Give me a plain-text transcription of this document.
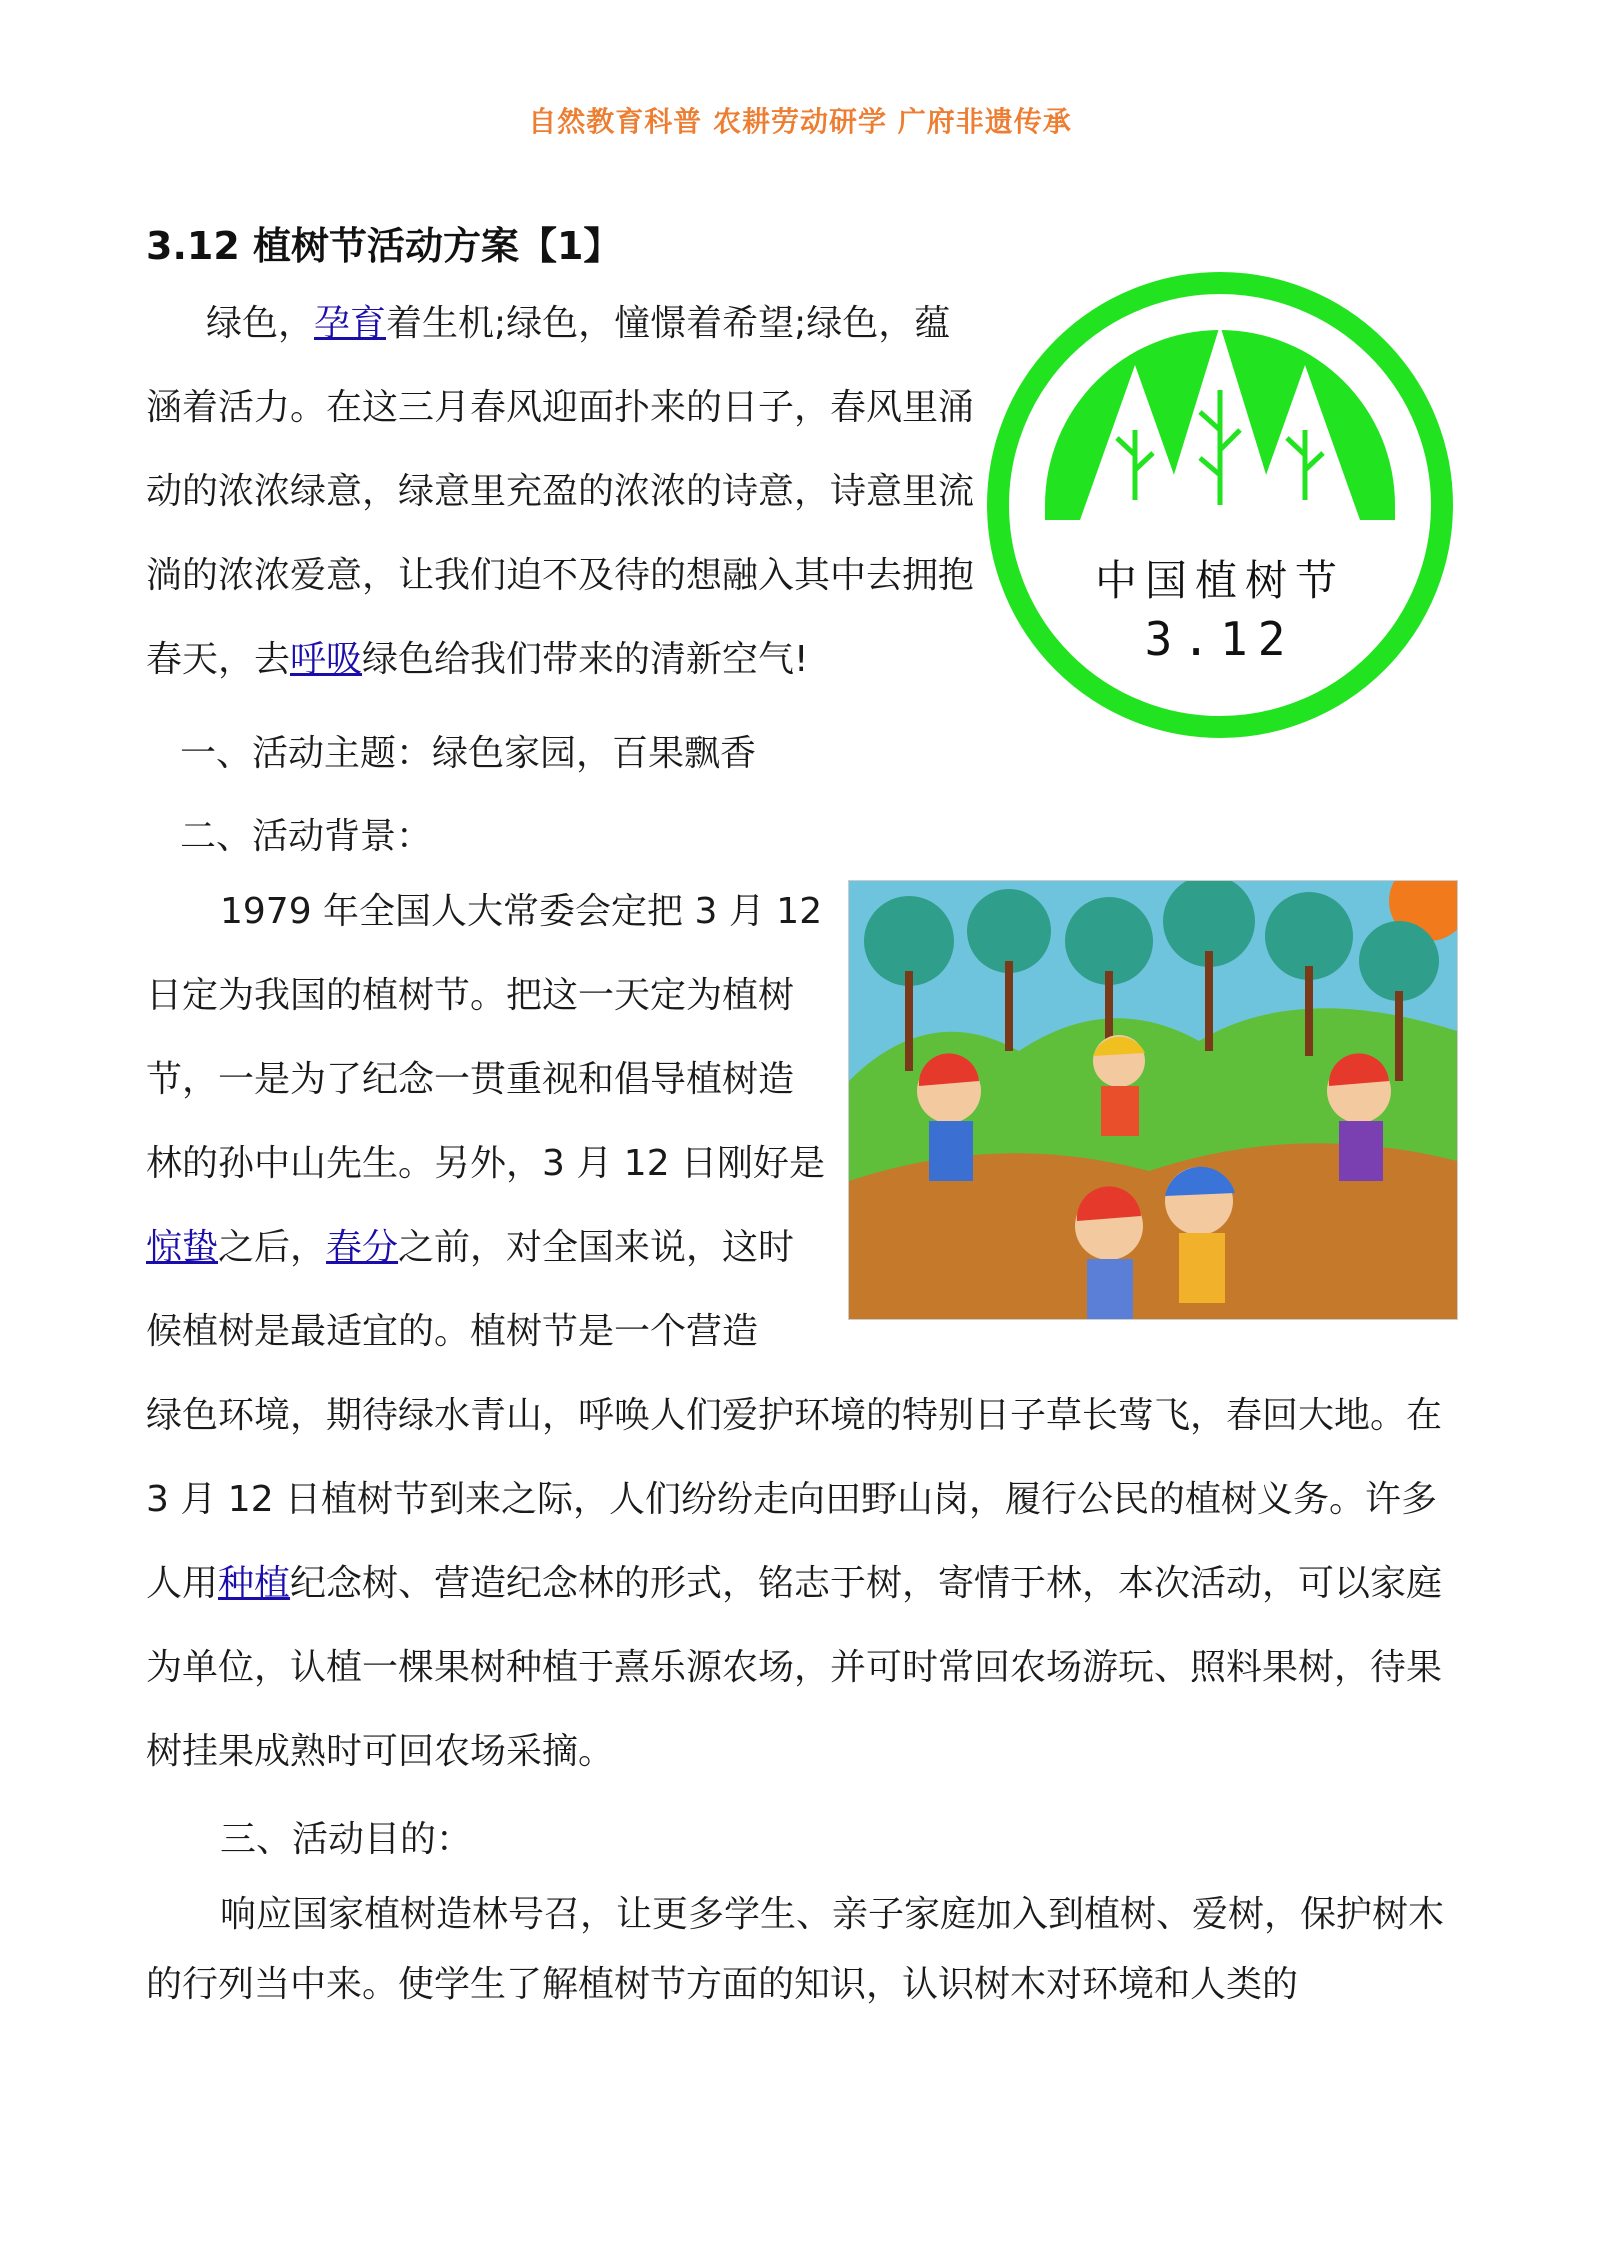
自然教育科普 农耕劳动研学 广府非遗传承
3.12 植树节活动方案【1】
中国植树节
3.12

绿色，孕育着生机;绿色，憧憬着希望;绿色，蕴涵着活力。在这三月春风迎面扑来的日子，春风里涌动的浓浓绿意，绿意里充盈的浓浓的诗意，诗意里流淌的浓浓爱意，让我们迫不及待的想融入其中去拥抱春天，去呼吸绿色给我们带来的清新空气!

一、活动主题：绿色家园，百果飘香

二、活动背景：

1979 年全国人大常委会定把 3 月 12 日定为我国的植树节。把这一天定为植树节，一是为了纪念一贯重视和倡导植树造林的孙中山先生。另外，3 月 12 日刚好是惊蛰之后，春分之前，对全国来说，这时候植树是最适宜的。植树节是一个营造

绿色环境，期待绿水青山，呼唤人们爱护环境的特别日子草长莺飞，春回大地。在 3 月 12 日植树节到来之际，人们纷纷走向田野山岗，履行公民的植树义务。许多人用种植纪念树、营造纪念林的形式，铭志于树，寄情于林，本次活动，可以家庭为单位，认植一棵果树种植于熹乐源农场，并可时常回农场游玩、照料果树，待果树挂果成熟时可回农场采摘。

三、活动目的：

响应国家植树造林号召，让更多学生、亲子家庭加入到植树、爱树，保护树木的行列当中来。使学生了解植树节方面的知识，认识树木对环境和人类的
